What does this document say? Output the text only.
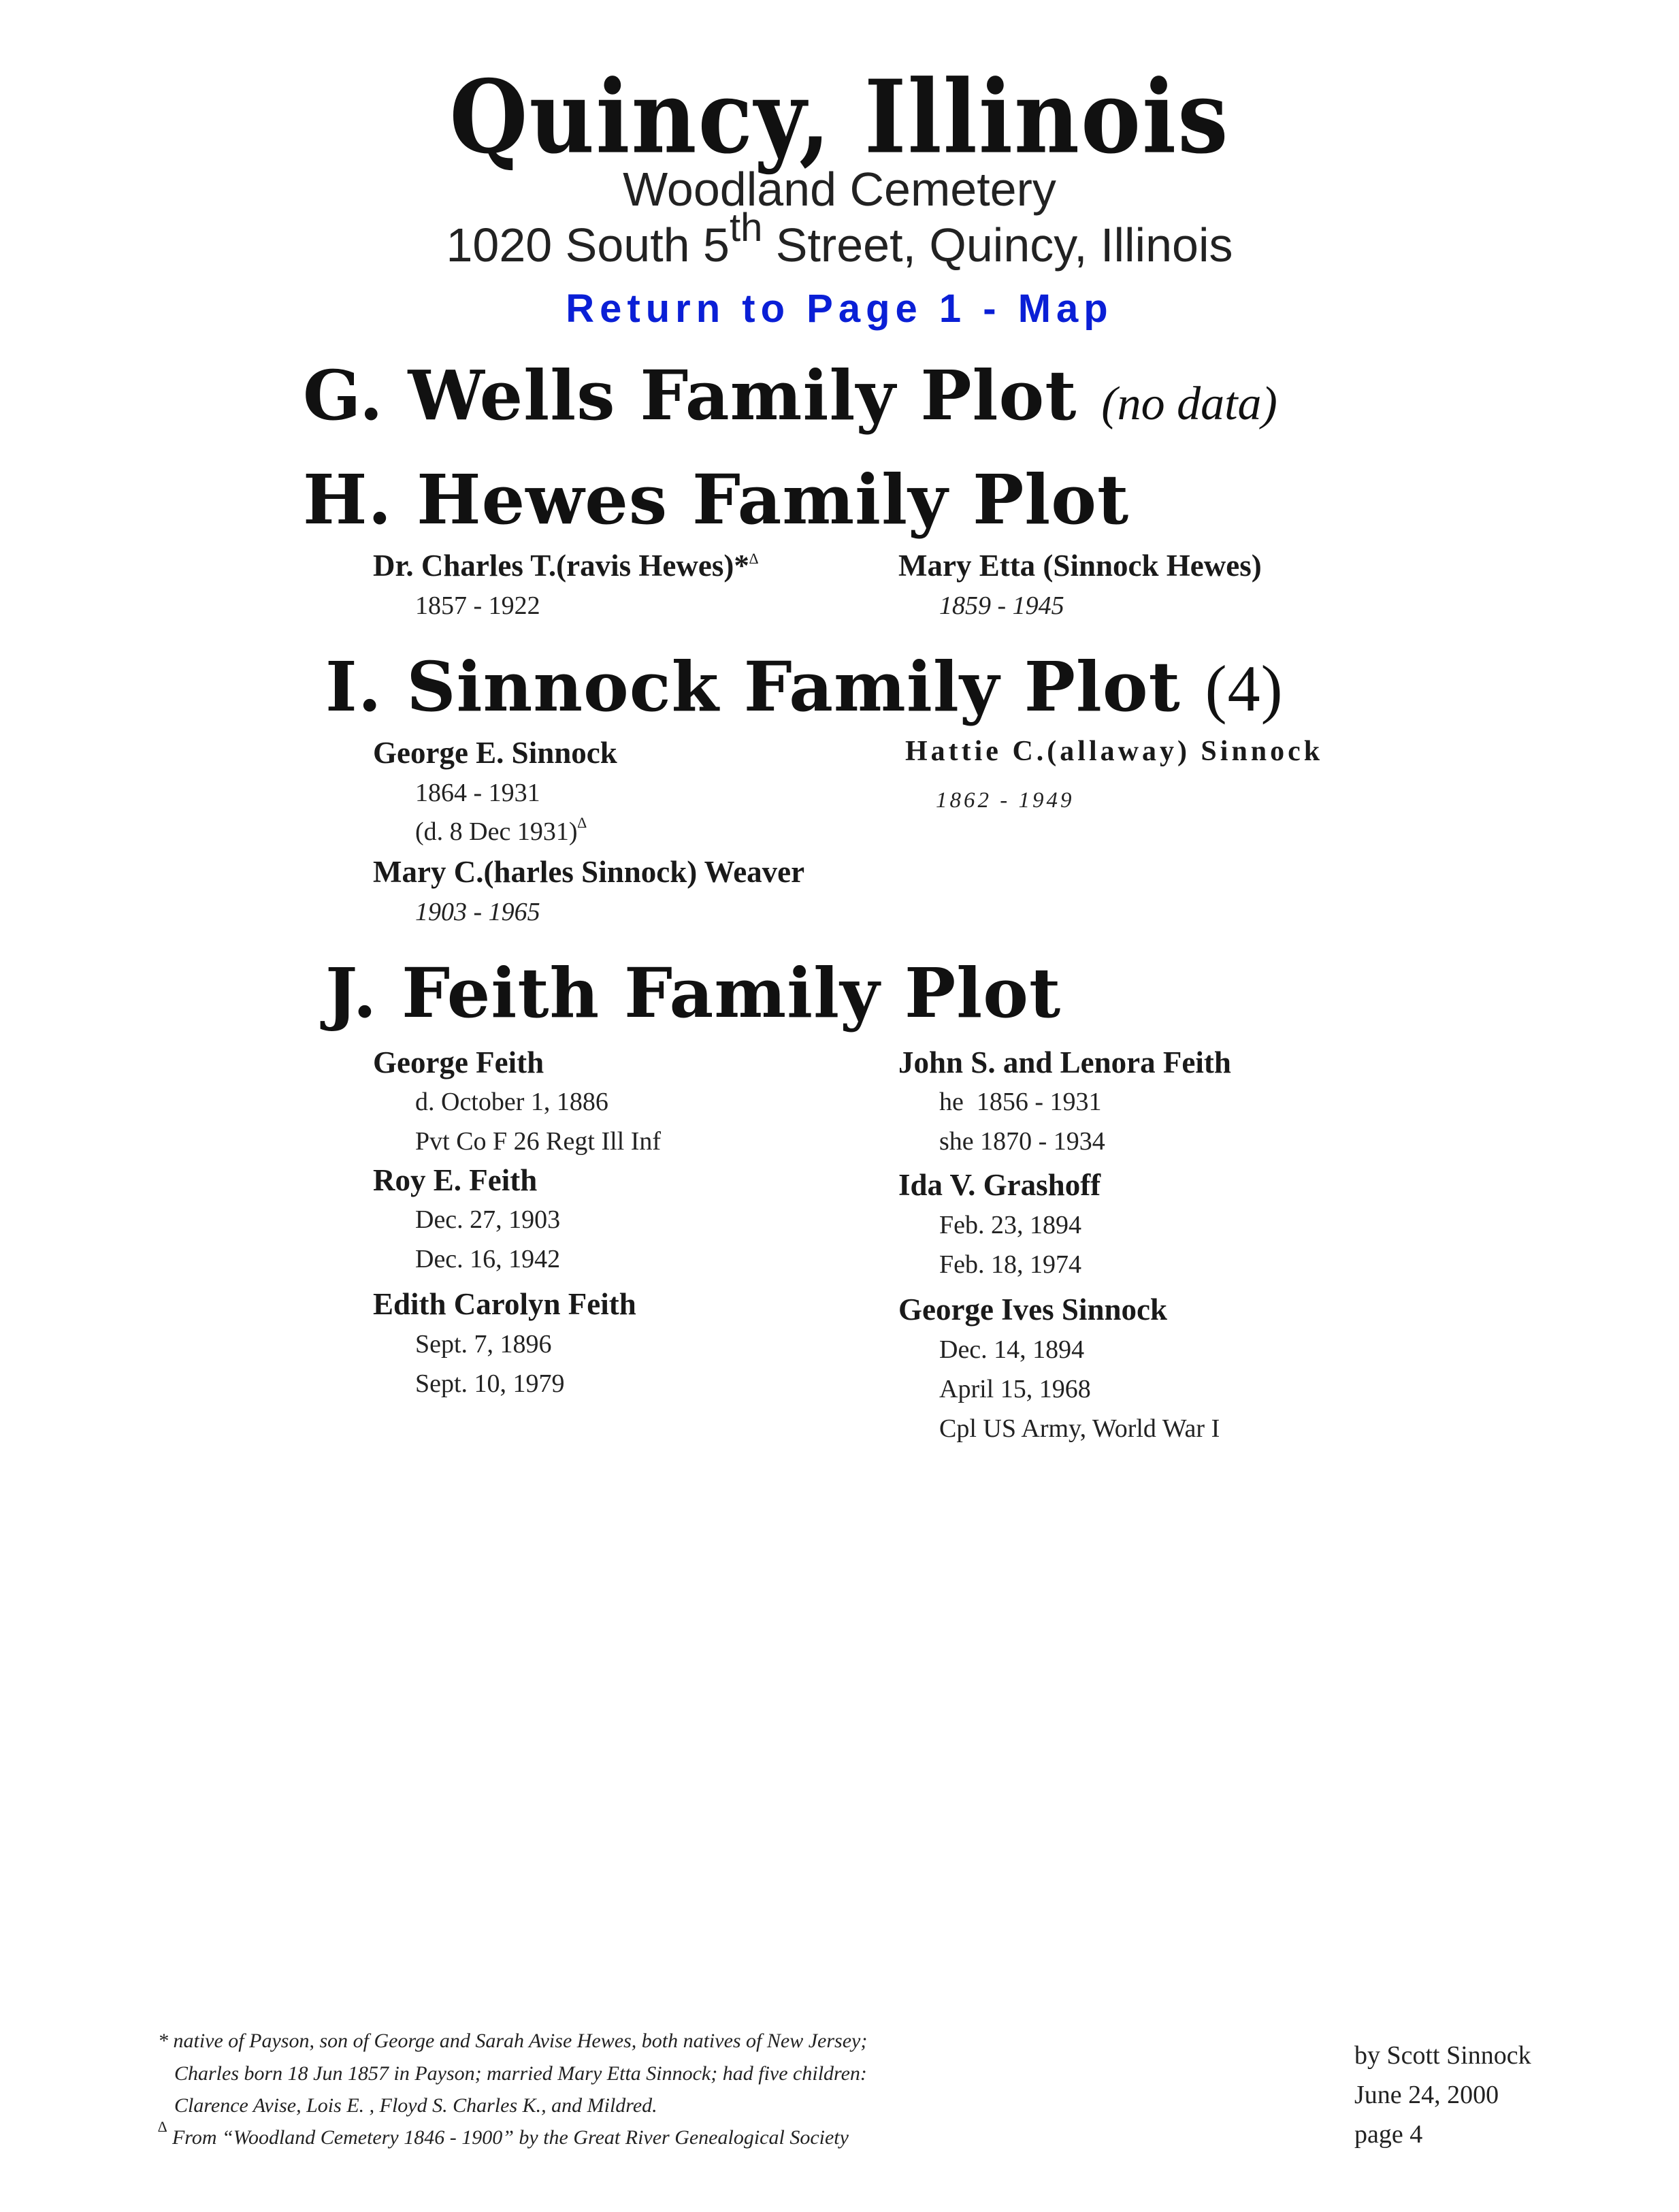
Quincy, Illinois
Woodland Cemetery
1020 South 5th Street, Quincy, Illinois
Return to Page 1 - Map
G. Wells Family Plot (no data)
H. Hewes Family Plot
Dr. Charles T.(ravis Hewes)*∆
1857 - 1922
Mary Etta (Sinnock Hewes)
1859 - 1945
I. Sinnock Family Plot (4)
George E. Sinnock
1864 - 1931
(d. 8 Dec 1931)∆
Hattie C.(allaway) Sinnock
1862 - 1949
Mary C.(harles Sinnock) Weaver
1903 - 1965
J. Feith Family Plot
George Feith
d. October 1, 1886
Pvt Co F 26 Regt Ill Inf
Roy E. Feith
Dec. 27, 1903
Dec. 16, 1942
Edith Carolyn Feith
Sept. 7, 1896
Sept. 10, 1979
John S. and Lenora Feith
he  1856 - 1931
she 1870 - 1934
Ida V. Grashoff
Feb. 23, 1894
Feb. 18, 1974
George Ives Sinnock
Dec. 14, 1894
April 15, 1968
Cpl US Army, World War I
* native of Payson, son of George and Sarah Avise Hewes, both natives of New Jersey;
Charles born 18 Jun 1857 in Payson; married Mary Etta Sinnock; had five children:
Clarence Avise, Lois E. , Floyd S. Charles K., and Mildred.
∆ From “Woodland Cemetery 1846 - 1900” by the Great River Genealogical Society
by Scott Sinnock
June 24, 2000
page 4
